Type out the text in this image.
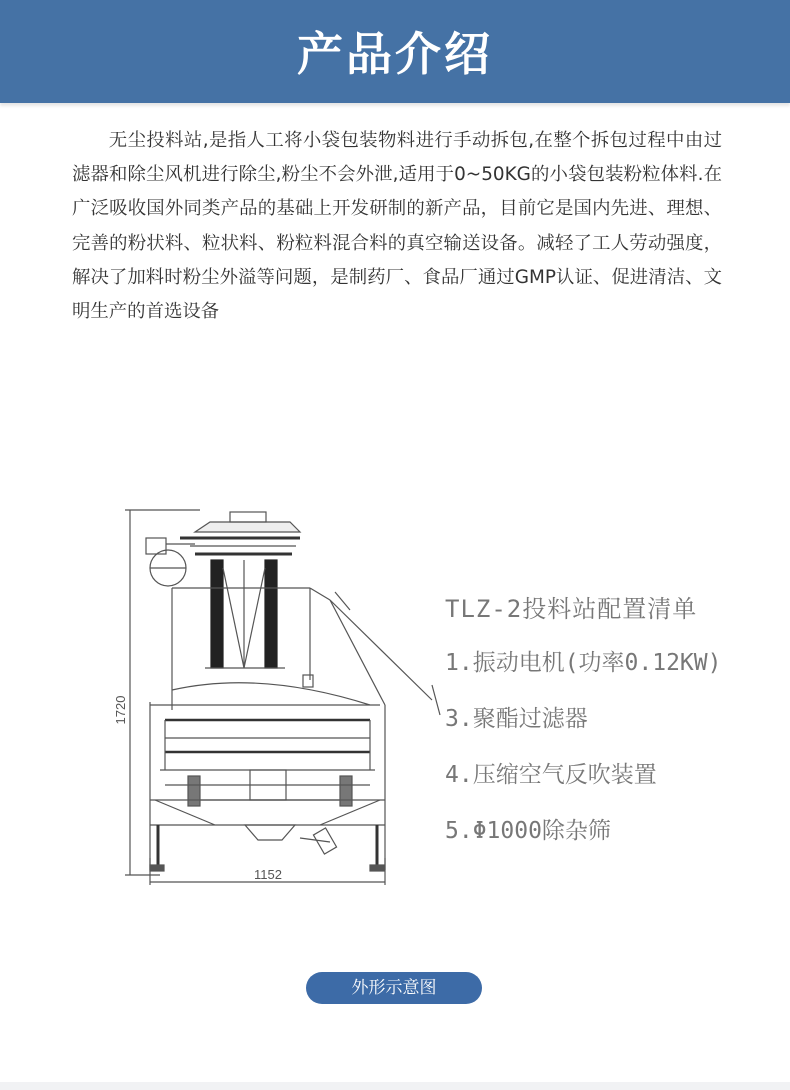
产品介绍

无尘投料站,是指人工将小袋包装物料进行手动拆包,在整个拆包过程中由过滤器和除尘风机进行除尘,粉尘不会外泄,适用于0~50KG的小袋包装粉粒体料.在广泛吸收国外同类产品的基础上开发研制的新产品，目前它是国内先进、理想、完善的粉状料、粒状料、粉粒料混合料的真空输送设备。减轻了工人劳动强度，解决了加料时粉尘外溢等问题，是制药厂、食品厂通过GMP认证、促进清洁、文明生产的首选设备

1720
1152
TLZ-2投料站配置清单
1.振动电机(功率0.12KW)
3.聚酯过滤器
4.压缩空气反吹装置
5.Φ1000除杂筛
外形示意图
